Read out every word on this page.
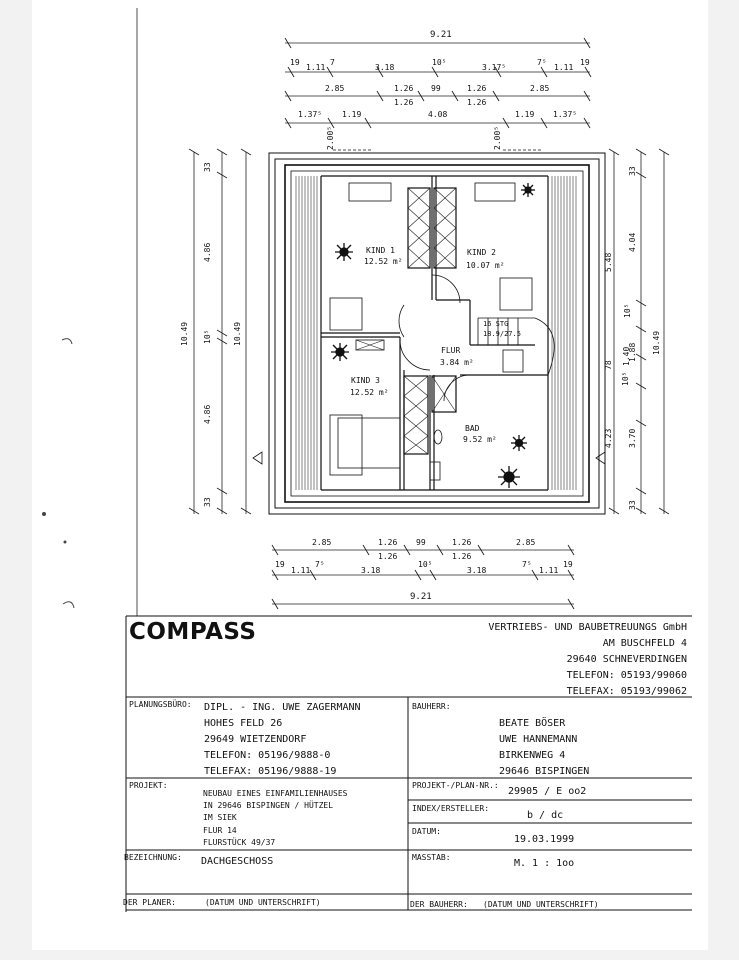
9.21
19
1.11
7
3.18
10⁵
3.17⁵
7⁵
1.11
19
2.85	1.26 99	1.26	2.85
1.26	1.26
1.37⁵ 1.19	4.08	1.19 1.37⁵
2.00⁵	2.00⁵
2.85	1.26 99	1.26	2.85
1.26	1.26
19
1.11
7⁵
3.18
10⁵
3.18
7⁵
1.11
19
9.21
10.49	10.49
33
4.86
10⁵
4.86
33
10.49
33
4.04
5.48
10⁵
78 1.40
1.88
10⁵
4.23 3.70
33
KIND 1
12.52 m²
KIND 2
10.07 m²
FLUR
3.84 m²
KIND 3
12.52 m²
BAD
9.52 m²
16 STG
18.9/27.5
COMPASS	VERTRIEBS- UND BAUBETREUUNGS GmbH
AM BUSCHFELD 4
29640 SCHNEVERDINGEN
TELEFON: 05193/99060
TELEFAX: 05193/99062
PLANUNGSBÜRO: DIPL. - ING. UWE ZAGERMANN
HOHES FELD 26
29649 WIETZENDORF
TELEFON: 05196/9888-0
TELEFAX: 05196/9888-19
BAUHERR:
BEATE BÖSER
UWE HANNEMANN
BIRKENWEG 4
29646 BISPINGEN
PROJEKT:
NEUBAU EINES EINFAMILIENHAUSES
IN 29646 BISPINGEN / HÜTZEL
IM SIEK
FLUR 14
FLURSTÜCK 49/37
PROJEKT-/PLAN-NR.:
29905 / E oo2
INDEX/ERSTELLER:
b / dc
DATUM:
19.03.1999
BEZEICHNUNG: DACHGESCHOSS	MASSTAB:
M. 1 : 1oo
DER PLANER:	(DATUM UND UNTERSCHRIFT)	DER BAUHERR: (DATUM UND UNTERSCHRIFT)
